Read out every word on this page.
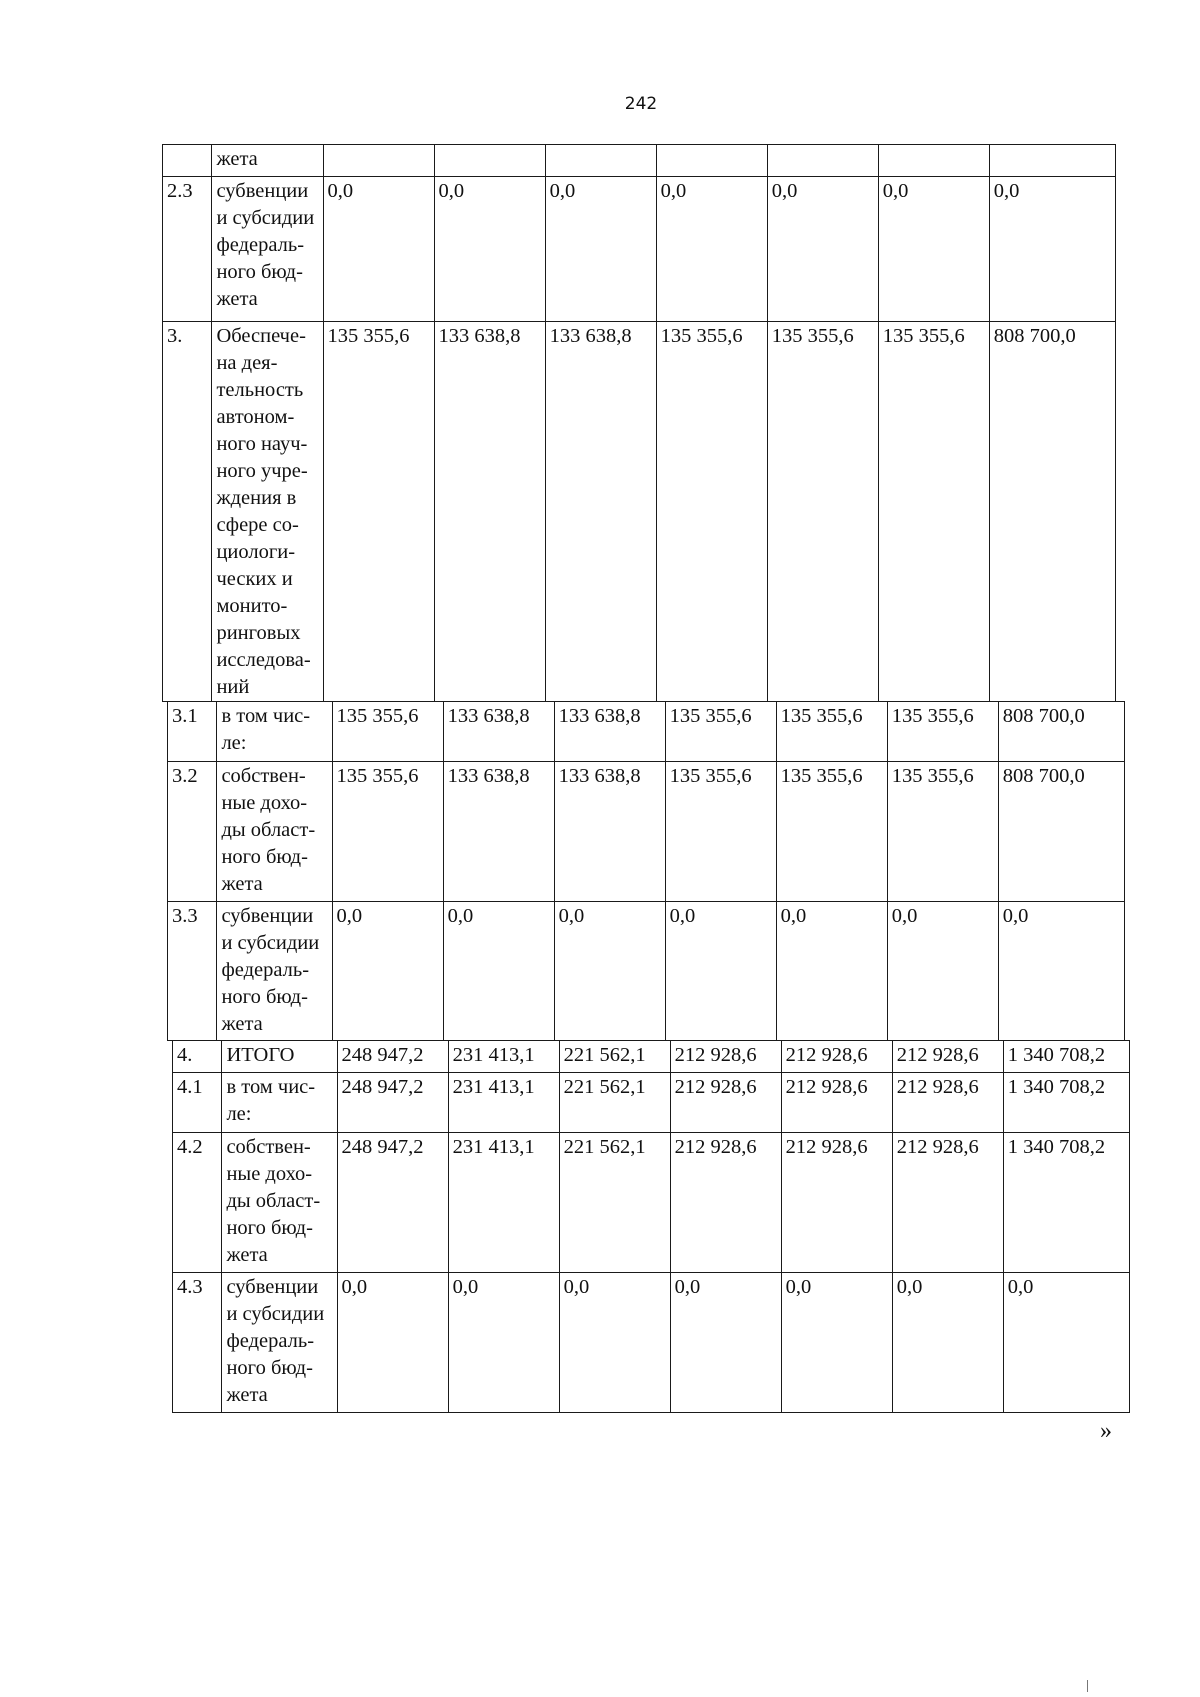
242
	жета							
2.3	субвенции и субсидии федераль-ного бюд-жета	0,0	0,0	0,0	0,0	0,0	0,0	0,0
3.	Обеспече-на дея-тельность автоном-ного науч-ного учре-ждения в сфере со-циологи-ческих и монито-ринговых исследова-ний	135 355,6	133 638,8	133 638,8	135 355,6	135 355,6	135 355,6	808 700,0
3.1	в том чис-ле:	135 355,6	133 638,8	133 638,8	135 355,6	135 355,6	135 355,6	808 700,0
3.2	собствен-ные дохо-ды област-ного бюд-жета	135 355,6	133 638,8	133 638,8	135 355,6	135 355,6	135 355,6	808 700,0
3.3	субвенции и субсидии федераль-ного бюд-жета	0,0	0,0	0,0	0,0	0,0	0,0	0,0
4.	ИТОГО	248 947,2	231 413,1	221 562,1	212 928,6	212 928,6	212 928,6	1 340 708,2
4.1	в том чис-ле:	248 947,2	231 413,1	221 562,1	212 928,6	212 928,6	212 928,6	1 340 708,2
4.2	собствен-ные дохо-ды област-ного бюд-жета	248 947,2	231 413,1	221 562,1	212 928,6	212 928,6	212 928,6	1 340 708,2
4.3	субвенции и субсидии федераль-ного бюд-жета	0,0	0,0	0,0	0,0	0,0	0,0	0,0
»
